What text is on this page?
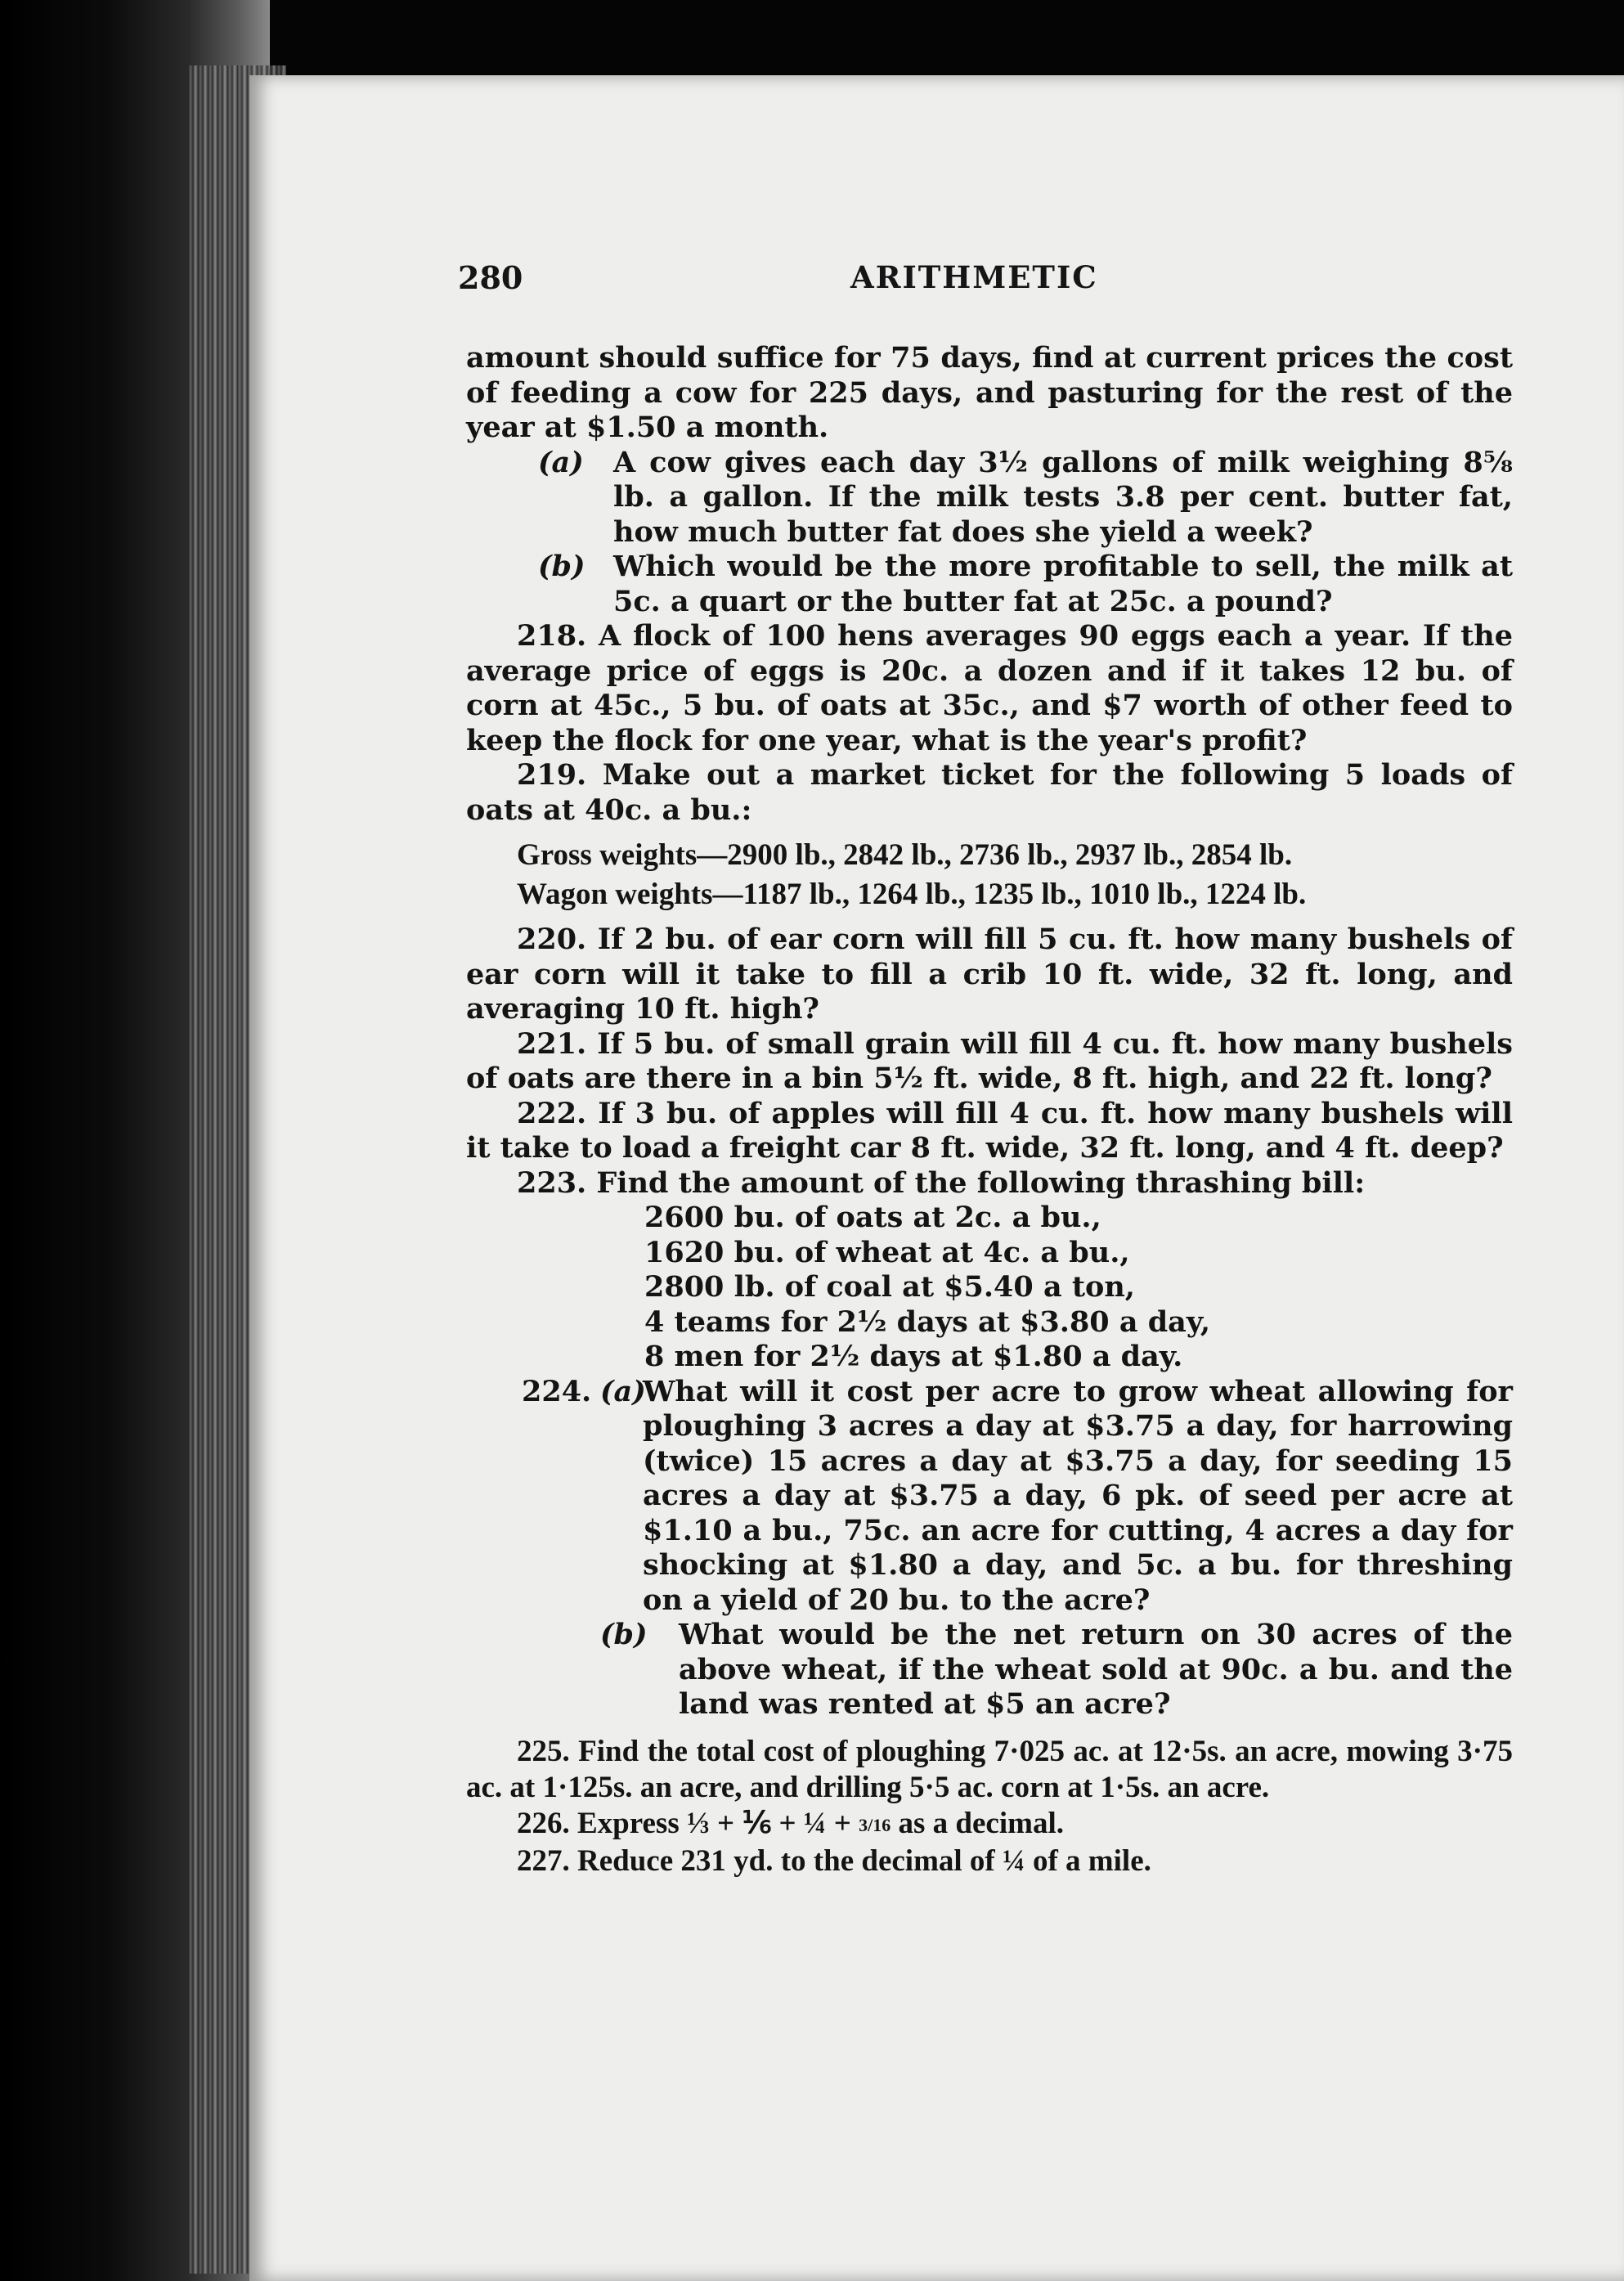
280	ARITHMETIC

amount should suffice for 75 days, find at current prices the cost of feeding a cow for 225 days, and pasturing for the rest of the year at $1.50 a month.

(a)	A cow gives each day 3½ gallons of milk weighing 8⅝ lb. a gallon. If the milk tests 3.8 per cent. butter fat, how much butter fat does she yield a week?
(b) Which would be the more profitable to sell, the milk at 5c. a quart or the butter fat at 25c. a pound?

218. A flock of 100 hens averages 90 eggs each a year. If the average price of eggs is 20c. a dozen and if it takes 12 bu. of corn at 45c., 5 bu. of oats at 35c., and $7 worth of other feed to keep the flock for one year, what is the year's profit?

219. Make out a market ticket for the following 5 loads of oats at 40c. a bu.:

Gross weights—2900 lb., 2842 lb., 2736 lb., 2937 lb., 2854 lb.
Wagon weights—1187 lb., 1264 lb., 1235 lb., 1010 lb., 1224 lb.

220. If 2 bu. of ear corn will fill 5 cu. ft. how many bushels of ear corn will it take to fill a crib 10 ft. wide, 32 ft. long, and averaging 10 ft. high?

221. If 5 bu. of small grain will fill 4 cu. ft. how many bushels of oats are there in a bin 5½ ft. wide, 8 ft. high, and 22 ft. long?

222. If 3 bu. of apples will fill 4 cu. ft. how many bushels will it take to load a freight car 8 ft. wide, 32 ft. long, and 4 ft. deep?

223. Find the amount of the following thrashing bill:

2600 bu. of oats at 2c. a bu.,
1620 bu. of wheat at 4c. a bu.,
2800 lb. of coal at $5.40 a ton,
4 teams for 2½ days at $3.80 a day,
8 men for 2½ days at $1.80 a day.
224. (a)
What will it cost per acre to grow wheat allowing for ploughing 3 acres a day at $3.75 a day, for harrowing (twice) 15 acres a day at $3.75 a day, for seeding 15 acres a day at $3.75 a day, 6 pk. of seed per acre at $1.10 a bu., 75c. an acre for cutting, 4 acres a day for shocking at $1.80 a day, and 5c. a bu. for threshing on a yield of 20 bu. to the acre?
(b)	What would be the net return on 30 acres of the above wheat, if the wheat sold at 90c. a bu. and the land was rented at $5 an acre?

225. Find the total cost of ploughing 7·025 ac. at 12·5s. an acre, mowing 3·75 ac. at 1·125s. an acre, and drilling 5·5 ac. corn at 1·5s. an acre.

226. Express ⅓ + ⅙ + ¼ + 3/16 as a decimal.

227. Reduce 231 yd. to the decimal of ¼ of a mile.
